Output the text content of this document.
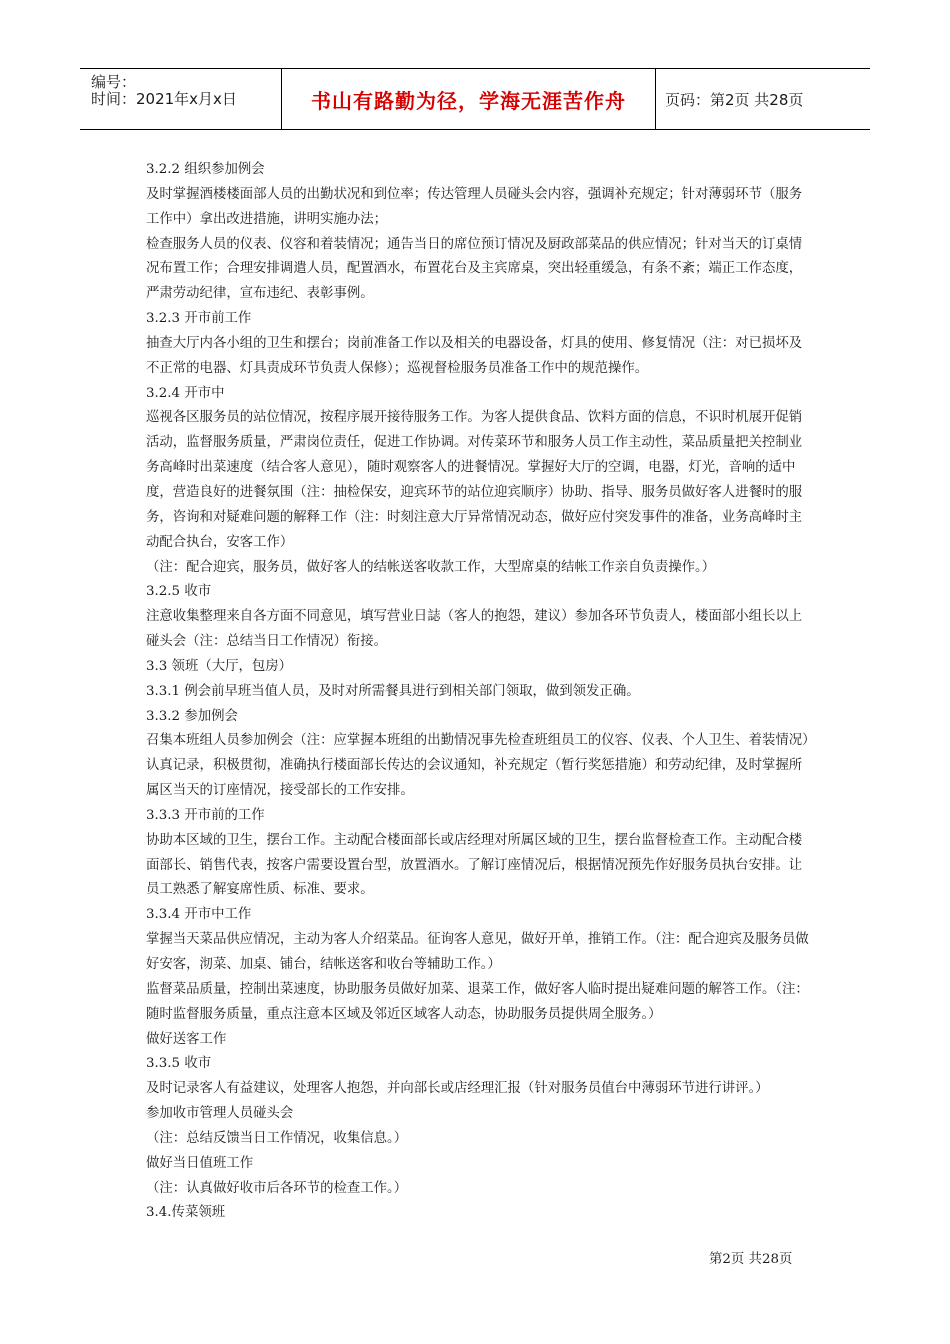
编号：
时间：2021年x月x日	书山有路勤为径，学海无涯苦作舟	页码：第2页 共28页

3.2.2 组织参加例会

及时掌握酒楼楼面部人员的出勤状况和到位率；传达管理人员碰头会内容，强调补充规定；针对薄弱环节（服务工作中）拿出改进措施，讲明实施办法；

检查服务人员的仪表、仪容和着装情况；通告当日的席位预订情况及厨政部菜品的供应情况；针对当天的订桌情况布置工作；合理安排调遣人员，配置酒水，布置花台及主宾席桌，突出轻重缓急，有条不紊；端正工作态度，严肃劳动纪律，宣布违纪、表彰事例。

3.2.3 开市前工作

抽查大厅内各小组的卫生和摆台；岗前准备工作以及相关的电器设备，灯具的使用、修复情况（注：对已损坏及不正常的电器、灯具责成环节负责人保修）；巡视督检服务员准备工作中的规范操作。

3.2.4 开市中

巡视各区服务员的站位情况，按程序展开接待服务工作。为客人提供食品、饮料方面的信息，不识时机展开促销活动，监督服务质量，严肃岗位责任，促进工作协调。对传菜环节和服务人员工作主动性，菜品质量把关控制业务高峰时出菜速度（结合客人意见），随时观察客人的进餐情况。掌握好大厅的空调，电器，灯光，音响的适中度，营造良好的进餐氛围（注：抽检保安，迎宾环节的站位迎宾顺序）协助、指导、服务员做好客人进餐时的服务，咨询和对疑难问题的解释工作（注：时刻注意大厅异常情况动态，做好应付突发事件的准备，业务高峰时主动配合执台，安客工作）

（注：配合迎宾，服务员，做好客人的结帐送客收款工作，大型席桌的结帐工作亲自负责操作。）

3.2.5 收市

注意收集整理来自各方面不同意见，填写营业日誌（客人的抱怨，建议）参加各环节负责人，楼面部小组长以上碰头会（注：总结当日工作情况）衔接。

3.3 领班（大厅，包房）

3.3.1 例会前早班当值人员，及时对所需餐具进行到相关部门领取，做到领发正确。

3.3.2 参加例会

召集本班组人员参加例会（注：应掌握本班组的出勤情况事先检查班组员工的仪容、仪表、个人卫生、着装情况）认真记录，积极贯彻，准确执行楼面部长传达的会议通知，补充规定（暂行奖惩措施）和劳动纪律，及时掌握所属区当天的订座情况，接受部长的工作安排。

3.3.3 开市前的工作

协助本区域的卫生，摆台工作。主动配合楼面部长或店经理对所属区域的卫生，摆台监督检查工作。主动配合楼面部长、销售代表，按客户需要设置台型，放置酒水。了解订座情况后，根据情况预先作好服务员执台安排。让员工熟悉了解宴席性质、标准、要求。

3.3.4 开市中工作

掌握当天菜品供应情况，主动为客人介绍菜品。征询客人意见，做好开单，推销工作。（注：配合迎宾及服务员做好安客，沏菜、加桌、铺台，结帐送客和收台等辅助工作。）

监督菜品质量，控制出菜速度，协助服务员做好加菜、退菜工作，做好客人临时提出疑难问题的解答工作。（注：随时监督服务质量，重点注意本区域及邻近区域客人动态，协助服务员提供周全服务。）

做好送客工作

3.3.5 收市

及时记录客人有益建议，处理客人抱怨，并向部长或店经理汇报（针对服务员值台中薄弱环节进行讲评。）

参加收市管理人员碰头会

（注：总结反馈当日工作情况，收集信息。）

做好当日值班工作

（注：认真做好收市后各环节的检查工作。）

3.4.传菜领班

第2页 共28页
